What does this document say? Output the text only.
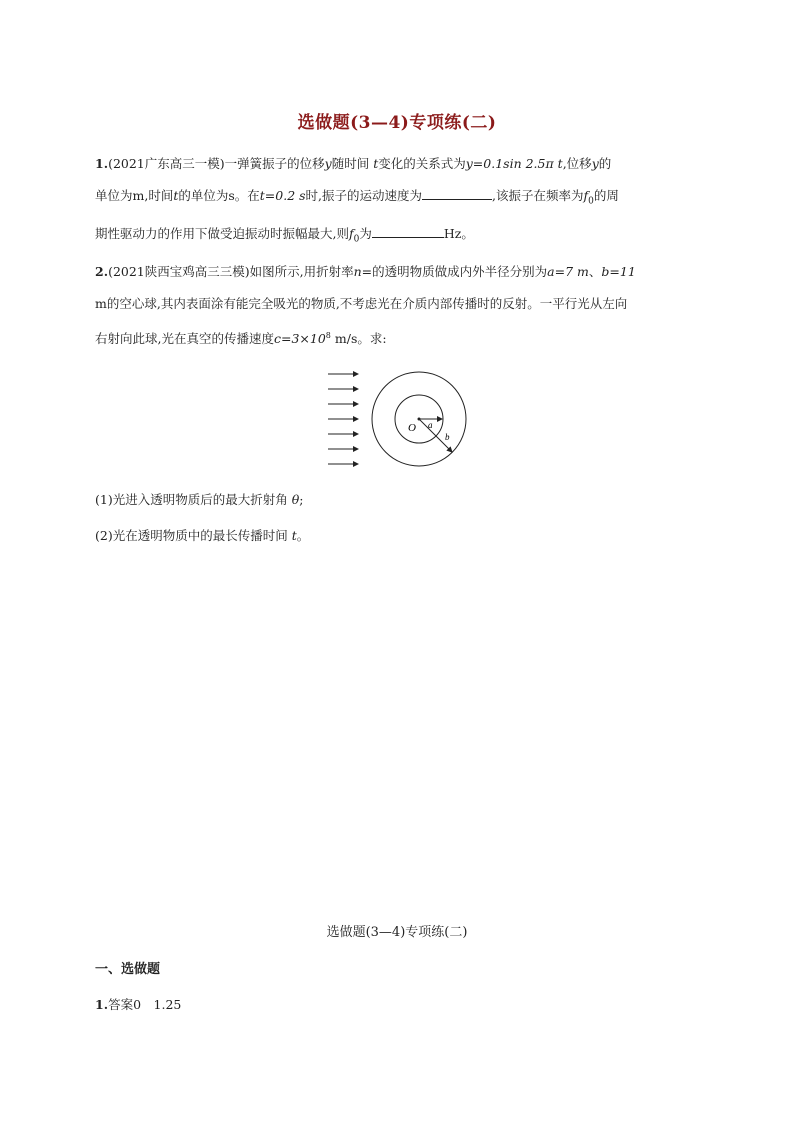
选做题(3—4)专项练(二)
1.(2021广东高三一模)一弹簧振子的位移y随时间 t变化的关系式为y=0.1sin 2.5π t,位移y的
单位为m,时间t的单位为s。在t=0.2 s时,振子的运动速度为	,该振子在频率为$f_0$的周
期性驱动力的作用下做受迫振动时振幅最大,则$f_0$为	Hz。
2.(2021陕西宝鸡高三三模)如图所示,用折射率n=的透明物质做成内外半径分别为a=7 m、b=11
m的空心球,其内表面涂有能完全吸光的物质,不考虑光在介质内部传播时的反射。一平行光从左向
右射向此球,光在真空的传播速度$c=3\times 10^8$ m/s。求:
O a
b
(1)光进入透明物质后的最大折射角 θ;
(2)光在透明物质中的最长传播时间 t。
选做题(3—4)专项练(二)
一、选做题
1.答案0　1.25
